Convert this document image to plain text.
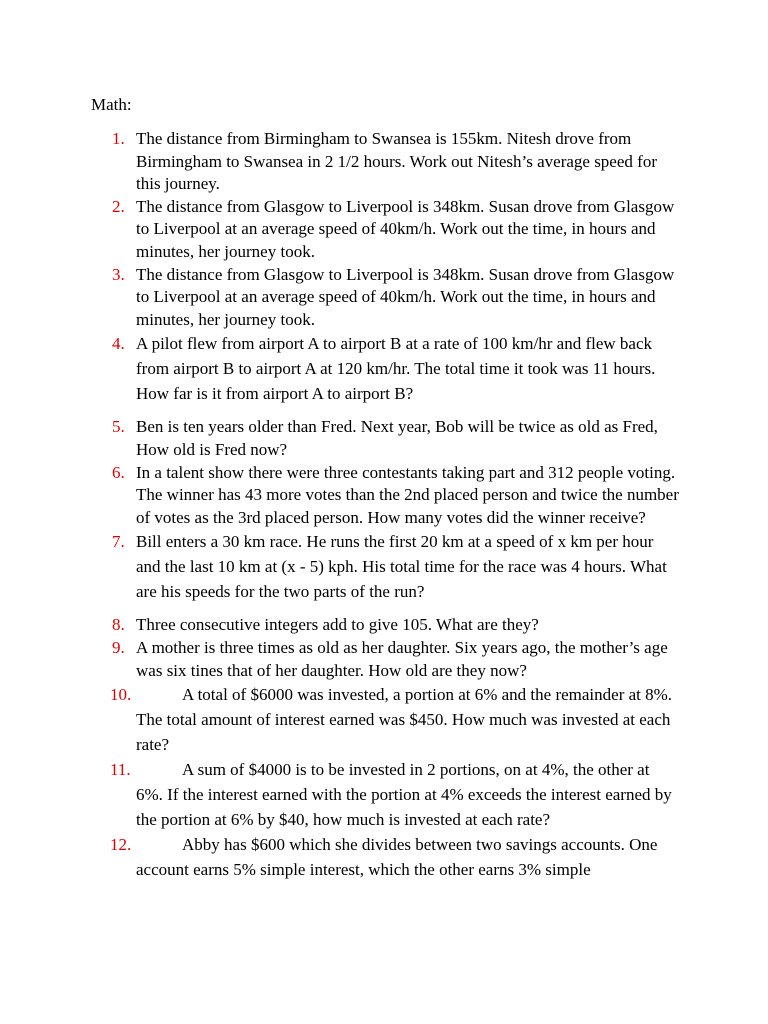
Math:
1. The distance from Birmingham to Swansea is 155km. Nitesh drove from Birmingham to Swansea in 2 1/2 hours. Work out Nitesh’s average speed for this journey.
2. The distance from Glasgow to Liverpool is 348km. Susan drove from Glasgow to Liverpool at an average speed of 40km/h. Work out the time, in hours and minutes, her journey took.
3. The distance from Glasgow to Liverpool is 348km. Susan drove from Glasgow to Liverpool at an average speed of 40km/h. Work out the time, in hours and minutes, her journey took.
4. A pilot flew from airport A to airport B at a rate of 100 km/hr and flew back from airport B to airport A at 120 km/hr. The total time it took was 11 hours. How far is it from airport A to airport B?
5. Ben is ten years older than Fred. Next year, Bob will be twice as old as Fred, How old is Fred now?
6. In a talent show there were three contestants taking part and 312 people voting. The winner has 43 more votes than the 2nd placed person and twice the number of votes as the 3rd placed person. How many votes did the winner receive?
7. Bill enters a 30 km race. He runs the first 20 km at a speed of x km per hour and the last 10 km at (x - 5) kph. His total time for the race was 4 hours. What are his speeds for the two parts of the run?
8. Three consecutive integers add to give 105. What are they?
9. A mother is three times as old as her daughter. Six years ago, the mother’s age was six tines that of her daughter. How old are they now?
10.	A total of $6000 was invested, a portion at 6% and the remainder at 8%. The total amount of interest earned was $450. How much was invested at each rate?
11.	A sum of $4000 is to be invested in 2 portions, on at 4%, the other at 6%. If the interest earned with the portion at 4% exceeds the interest earned by the portion at 6% by $40, how much is invested at each rate?
12.	Abby has $600 which she divides between two savings accounts. One account earns 5% simple interest, which the other earns 3% simple
